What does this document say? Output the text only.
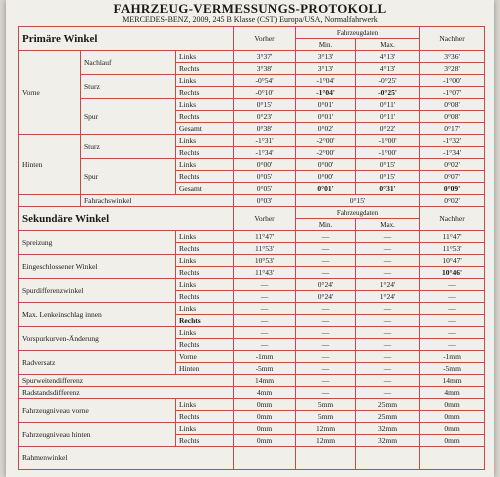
FAHRZEUG-VERMESSUNGS-PROTOKOLL
MERCEDES-BENZ, 2009, 245 B Klasse (CST) Europa/USA, Normalfahrwerk
Primäre Winkel			Vorher	Fahrzeugdaten		Nachher
				Min.	Max.	
Vorne	Nachlauf	Links	3°37'	3°13'	4°13'	3°36'
		Rechts	3°38'	3°13'	4°13'	3°28'
	Sturz	Links	-0°54'	-1°04'	-0°25'	-1°00'
		Rechts	-0°10'	-1°04'	-0°25'	-1°07'
	Spur	Links	0°15'	0°01'	0°11'	0°08'
		Rechts	0°23'	0°01'	0°11'	0°08'
		Gesamt	0°38'	0°02'	0°22'	0°17'
Hinten	Sturz	Links	-1°31'	-2°00'	-1°00'	-1°32'
		Rechts	-1°34'	-2°00'	-1°00'	-1°34'
	Spur	Links	0°00'	0°00'	0°15'	0°02'
		Rechts	0°05'	0°00'	0°15'	0°07'
		Gesamt	0°05'	0°01'	0°31'	0°09'
	Fahrachswinkel		0°03'	0°15'		0°02'
Sekundäre Winkel			Vorher	Fahrzeugdaten		Nachher
				Min.	Max.	
Spreizung		Links	11°47'	—	—	11°47'
		Rechts	11°53'	—	—	11°53'
Eingeschlossener Winkel		Links	10°53'	—	—	10°47'
		Rechts	11°43'	—	—	10°46'
Spurdifferenzwinkel		Links	—	0°24'	1°24'	—
		Rechts	—	0°24'	1°24'	—
Max. Lenkeinschlag innen		Links	—	—	—	—
		Rechts	—	—	—	—
Vorspurkurven-Änderung		Links	—	—	—	—
		Rechts	—	—	—	—
Radversatz		Vorne	-1mm	—	—	-1mm
		Hinten	-5mm	—	—	-5mm
Spurweitendifferenz			14mm	—	—	14mm
Radstandsdifferenz			4mm	—	—	4mm
Fahrzeugniveau vorne		Links	0mm	5mm	25mm	0mm
		Rechts	0mm	5mm	25mm	0mm
Fahrzeugniveau hinten		Links	0mm	12mm	32mm	0mm
		Rechts	0mm	12mm	32mm	0mm
Rahmenwinkel						
